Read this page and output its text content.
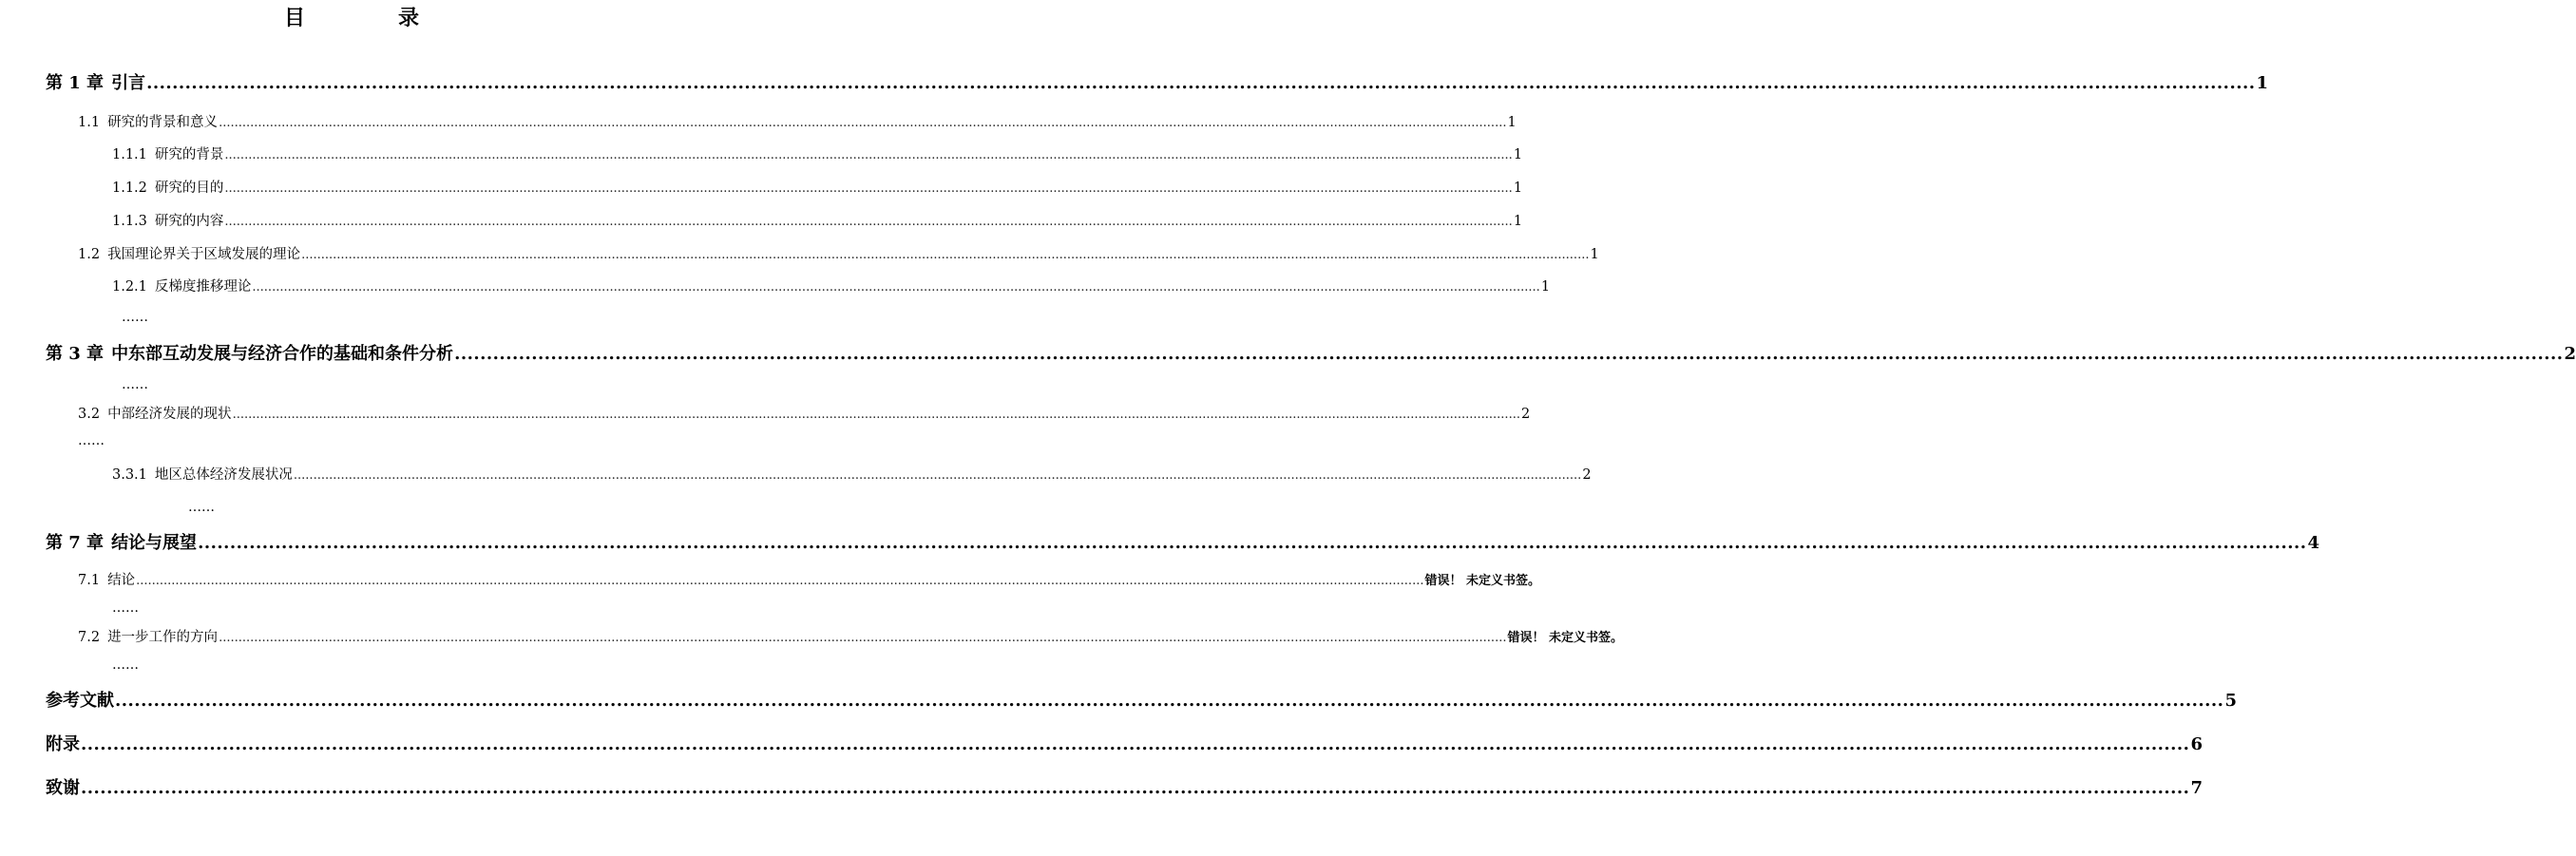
目　录
第 1 章 引言 ........................................................................................................................................................................................................................................................................................................................................ 1
1.1 研究的背景和意义 ........................................................................................................................................................................................................................................................................................................................................ 1
1.1.1 研究的背景 ........................................................................................................................................................................................................................................................................................................................................ 1
1.1.2 研究的目的 ........................................................................................................................................................................................................................................................................................................................................ 1
1.1.3 研究的内容 ........................................................................................................................................................................................................................................................................................................................................ 1
1.2 我国理论界关于区域发展的理论 ........................................................................................................................................................................................................................................................................................................................................ 1
1.2.1 反梯度推移理论 ........................................................................................................................................................................................................................................................................................................................................ 1
……
第 3 章 中东部互动发展与经济合作的基础和条件分析 ........................................................................................................................................................................................................................................................................................................................................ 2
……
3.2 中部经济发展的现状 ........................................................................................................................................................................................................................................................................................................................................ 2
……
3.3.1 地区总体经济发展状况 ........................................................................................................................................................................................................................................................................................................................................ 2
……
第 7 章 结论与展望 ........................................................................................................................................................................................................................................................................................................................................ 4
7.1 结论 ........................................................................................................................................................................................................................................................................................................................................ 错误！ 未定义书签。
……
7.2 进一步工作的方向 ........................................................................................................................................................................................................................................................................................................................................ 错误！ 未定义书签。
……
参考文献 ........................................................................................................................................................................................................................................................................................................................................ 5
附录 ........................................................................................................................................................................................................................................................................................................................................ 6
致谢 ........................................................................................................................................................................................................................................................................................................................................ 7
